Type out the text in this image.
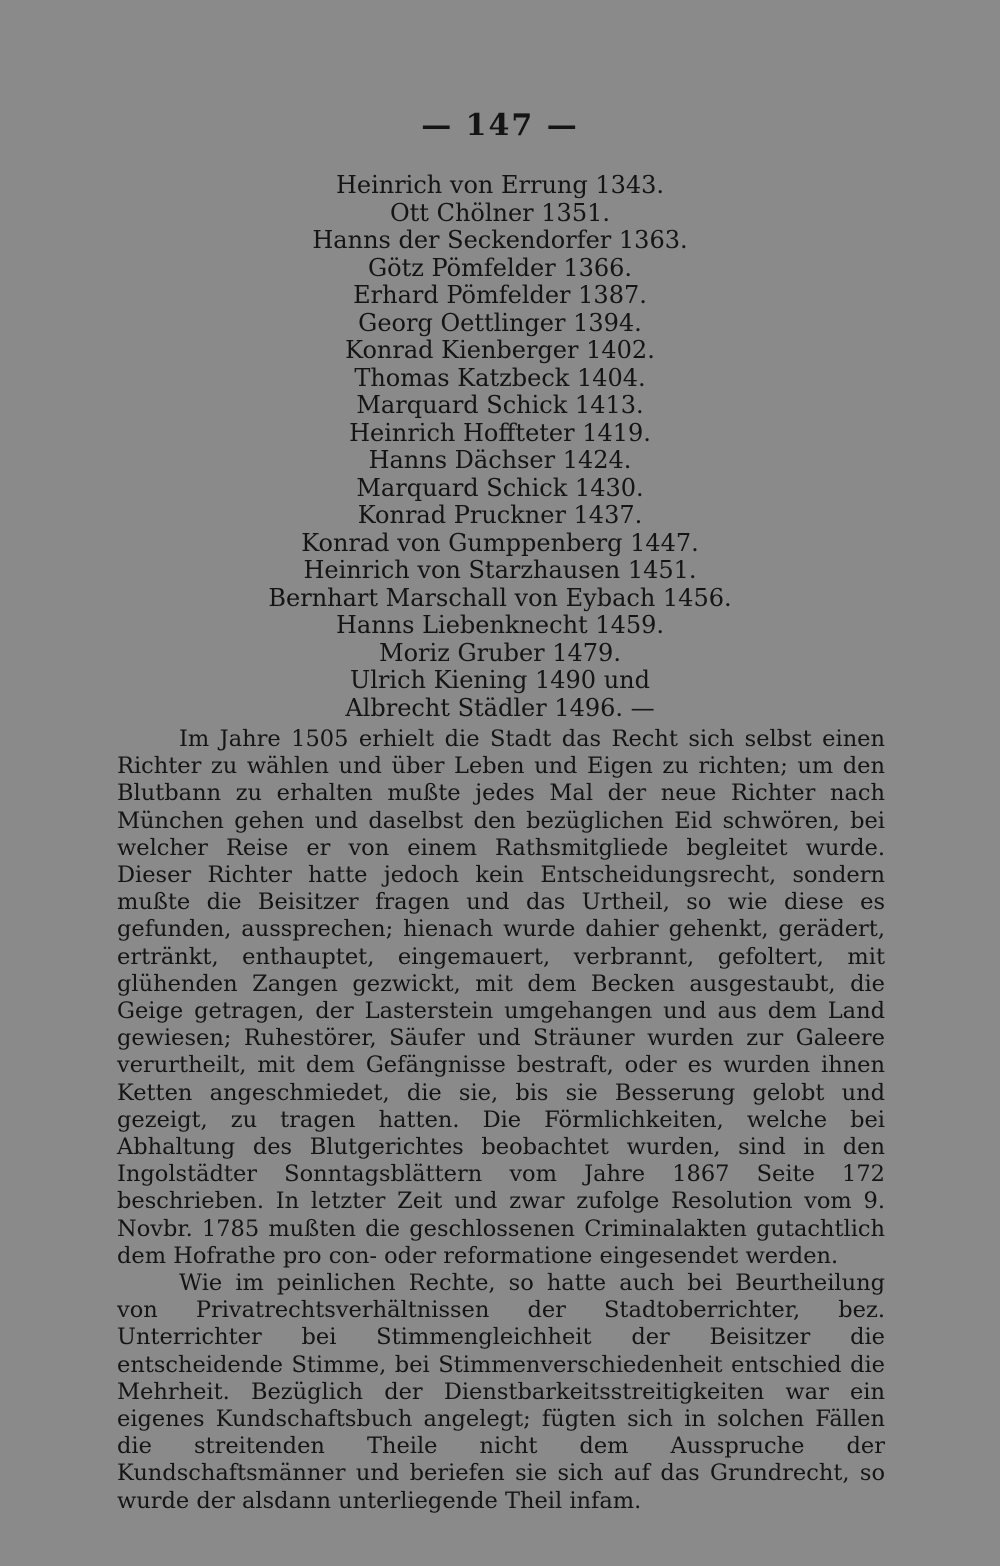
— 147 —
Heinrich von Errung 1343.
Ott Chölner 1351.
Hanns der Seckendorfer 1363.
Götz Pömfelder 1366.
Erhard Pömfelder 1387.
Georg Oettlinger 1394.
Konrad Kienberger 1402.
Thomas Katzbeck 1404.
Marquard Schick 1413.
Heinrich Hoffteter 1419.
Hanns Dächser 1424.
Marquard Schick 1430.
Konrad Pruckner 1437.
Konrad von Gumppenberg 1447.
Heinrich von Starzhausen 1451.
Bernhart Marschall von Eybach 1456.
Hanns Liebenknecht 1459.
Moriz Gruber 1479.
Ulrich Kiening 1490 und
Albrecht Städler 1496. —

Im Jahre 1505 erhielt die Stadt das Recht sich selbst einen Richter zu wählen und über Leben und Eigen zu richten; um den Blutbann zu erhalten mußte jedes Mal der neue Richter nach München gehen und daselbst den bezüglichen Eid schwören, bei welcher Reise er von einem Rathsmitgliede begleitet wurde. Dieser Richter hatte jedoch kein Entscheidungsrecht, sondern mußte die Beisitzer fragen und das Urtheil, so wie diese es gefunden, aussprechen; hienach wurde dahier gehenkt, gerädert, ertränkt, enthauptet, eingemauert, verbrannt, gefoltert, mit glühenden Zangen gezwickt, mit dem Becken ausgestaubt, die Geige getragen, der Lasterstein umgehangen und aus dem Land gewiesen; Ruhestörer, Säufer und Sträuner wurden zur Galeere verurtheilt, mit dem Gefängnisse bestraft, oder es wurden ihnen Ketten angeschmiedet, die sie, bis sie Besserung gelobt und gezeigt, zu tragen hatten. Die Förmlichkeiten, welche bei Abhaltung des Blutgerichtes beobachtet wurden, sind in den Ingolstädter Sonntagsblättern vom Jahre 1867 Seite 172 beschrieben. In letzter Zeit und zwar zufolge Resolution vom 9. Novbr. 1785 mußten die geschlossenen Criminalakten gutachtlich dem Hofrathe pro con- oder reformatione eingesendet werden.

Wie im peinlichen Rechte, so hatte auch bei Beurtheilung von Privatrechtsverhältnissen der Stadtoberrichter, bez. Unterrichter bei Stimmengleichheit der Beisitzer die entscheidende Stimme, bei Stimmenverschiedenheit entschied die Mehrheit. Bezüglich der Dienstbarkeitsstreitigkeiten war ein eigenes Kundschaftsbuch angelegt; fügten sich in solchen Fällen die streitenden Theile nicht dem Ausspruche der Kundschaftsmänner und beriefen sie sich auf das Grundrecht, so wurde der alsdann unterliegende Theil infam.
